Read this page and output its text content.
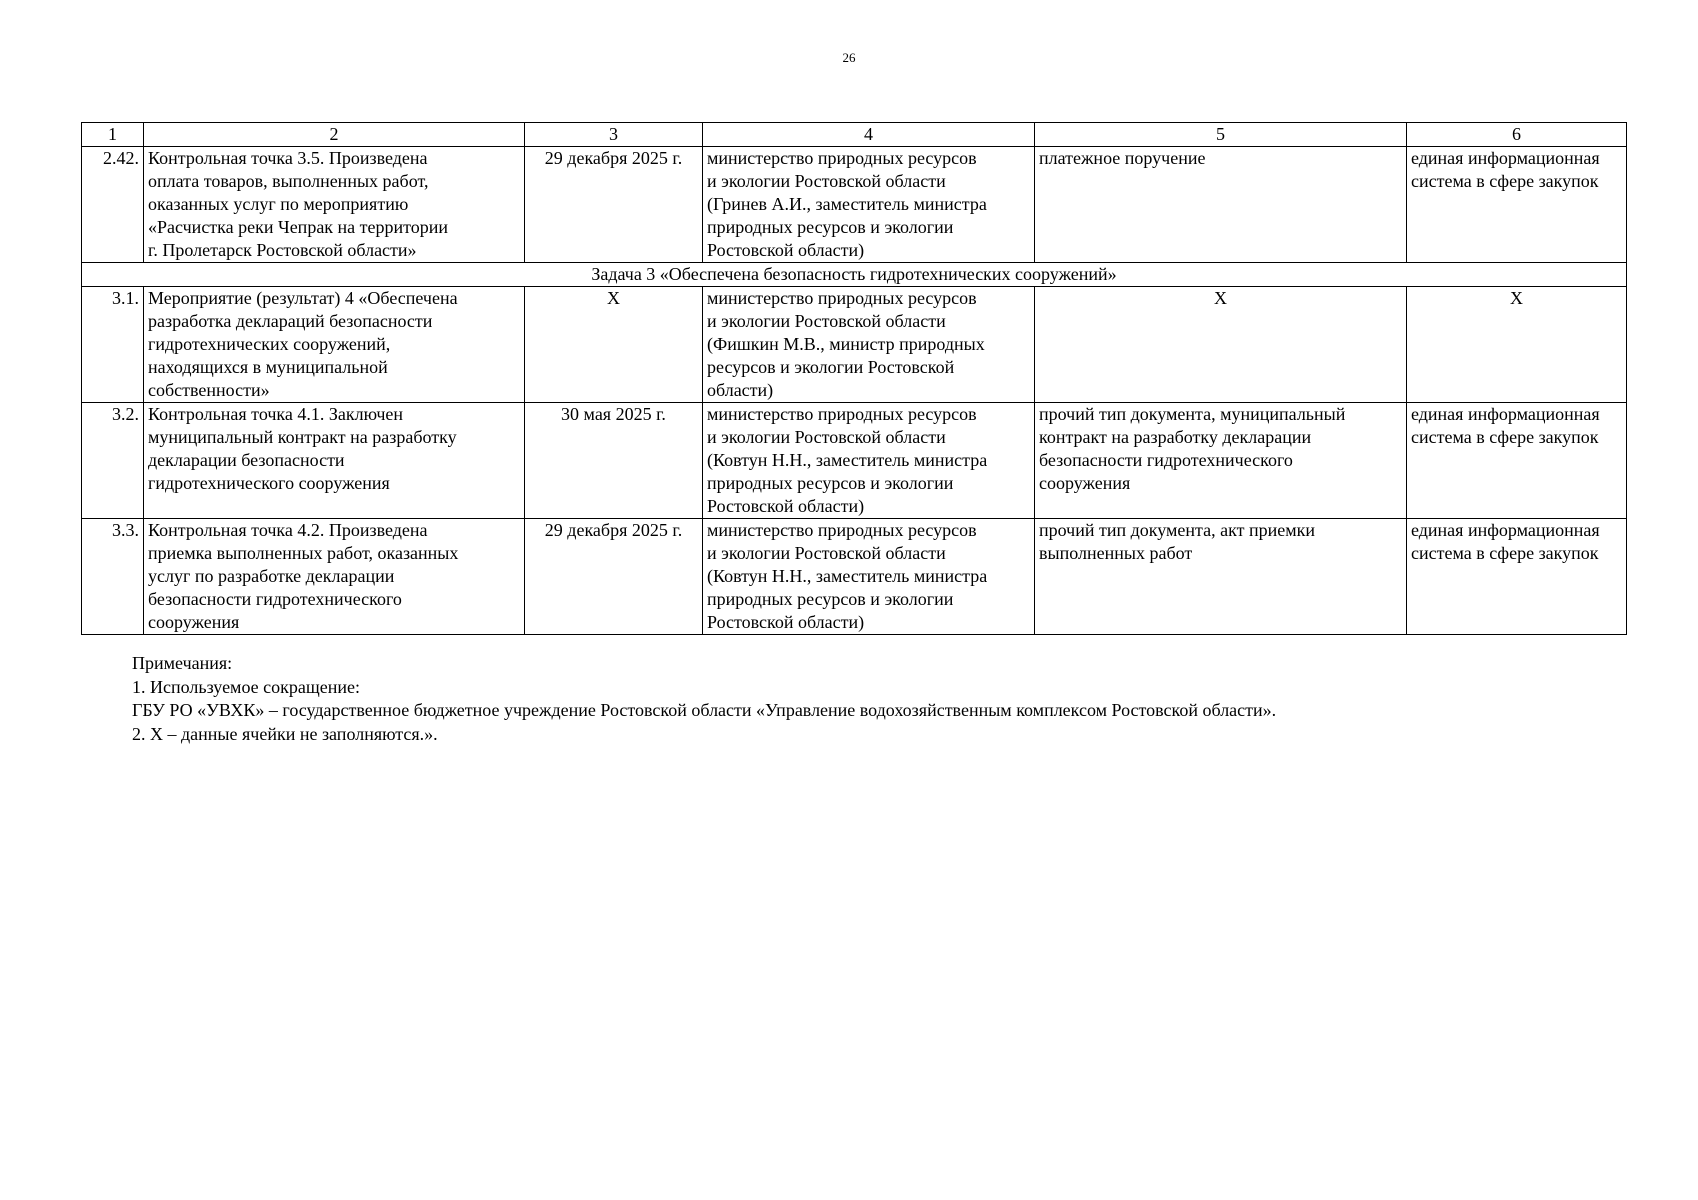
26
1	2	3	4	5	6
2.42.	Контрольная точка 3.5. Произведена
оплата товаров, выполненных работ,
оказанных услуг по мероприятию
«Расчистка реки Чепрак на территории
г. Пролетарск Ростовской области»	29 декабря 2025 г.	министерство природных ресурсов
и экологии Ростовской области
(Гринев А.И., заместитель министра
природных ресурсов и экологии
Ростовской области)	платежное поручение	единая информационная
система в сфере закупок
Задача 3 «Обеспечена безопасность гидротехнических сооружений»					
3.1.	Мероприятие (результат) 4 «Обеспечена
разработка деклараций безопасности
гидротехнических сооружений,
находящихся в муниципальной
собственности»	X	министерство природных ресурсов
и экологии Ростовской области
(Фишкин М.В., министр природных
ресурсов и экологии Ростовской
области)	X	X
3.2.	Контрольная точка 4.1. Заключен
муниципальный контракт на разработку
декларации безопасности
гидротехнического сооружения	30 мая 2025 г.	министерство природных ресурсов
и экологии Ростовской области
(Ковтун Н.Н., заместитель министра
природных ресурсов и экологии
Ростовской области)	прочий тип документа, муниципальный
контракт на разработку декларации
безопасности гидротехнического
сооружения	единая информационная
система в сфере закупок
3.3.	Контрольная точка 4.2. Произведена
приемка выполненных работ, оказанных
услуг по разработке декларации
безопасности гидротехнического
сооружения	29 декабря 2025 г.	министерство природных ресурсов
и экологии Ростовской области
(Ковтун Н.Н., заместитель министра
природных ресурсов и экологии
Ростовской области)	прочий тип документа, акт приемки
выполненных работ	единая информационная
система в сфере закупок
Примечания:
1. Используемое сокращение:
ГБУ РО «УВХК» – государственное бюджетное учреждение Ростовской области «Управление водохозяйственным комплексом Ростовской области».
2. X – данные ячейки не заполняются.».
